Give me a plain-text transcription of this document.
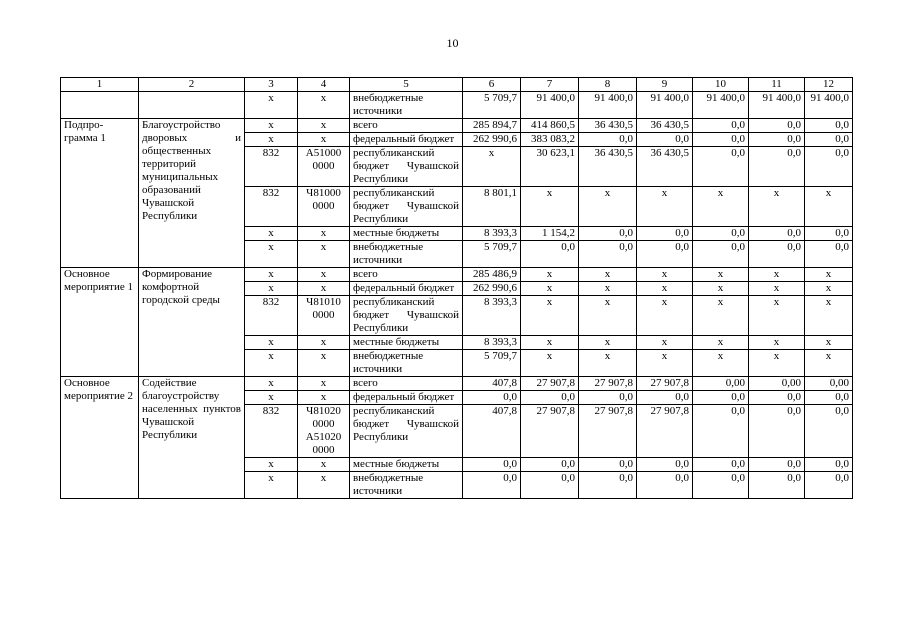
10
1	2	3	4	5	6	7	8	9	10	11	12
		х	х	внебюджетные источники	5 709,7	91 400,0	91 400,0	91 400,0	91 400,0	91 400,0	91 400,0
Подпро-грамма 1	Благоустройство дворовых и общественных территорий муниципальных образований Чувашской Республики	х	х	всего	285 894,7	414 860,5	36 430,5	36 430,5	0,0	0,0	0,0
		х	х	федеральный бюджет	262 990,6	383 083,2	0,0	0,0	0,0	0,0	0,0
		832	А51000 0000	республиканский бюджет Чувашской Республики	х	30 623,1	36 430,5	36 430,5	0,0	0,0	0,0
		832	Ч81000 0000	республиканский бюджет Чувашской Республики	8 801,1	х	х	х	х	х	х
		х	х	местные бюджеты	8 393,3	1 154,2	0,0	0,0	0,0	0,0	0,0
		х	х	внебюджетные источники	5 709,7	0,0	0,0	0,0	0,0	0,0	0,0
Основное мероприятие 1	Формирование комфортной городской среды	х	х	всего	285 486,9	х	х	х	х	х	х
		х	х	федеральный бюджет	262 990,6	х	х	х	х	х	х
		832	Ч81010 0000	республиканский бюджет Чувашской Республики	8 393,3	х	х	х	х	х	х
		х	х	местные бюджеты	8 393,3	х	х	х	х	х	х
		х	х	внебюджетные источники	5 709,7	х	х	х	х	х	х
Основное мероприятие 2	Содействие благоустройству населенных пунктов Чувашской Республики	х	х	всего	407,8	27 907,8	27 907,8	27 907,8	0,00	0,00	0,00
		х	х	федеральный бюджет	0,0	0,0	0,0	0,0	0,0	0,0	0,0
		832	Ч81020 0000 А51020 0000	республиканский бюджет Чувашской Республики	407,8	27 907,8	27 907,8	27 907,8	0,0	0,0	0,0
		х	х	местные бюджеты	0,0	0,0	0,0	0,0	0,0	0,0	0,0
		х	х	внебюджетные источники	0,0	0,0	0,0	0,0	0,0	0,0	0,0
